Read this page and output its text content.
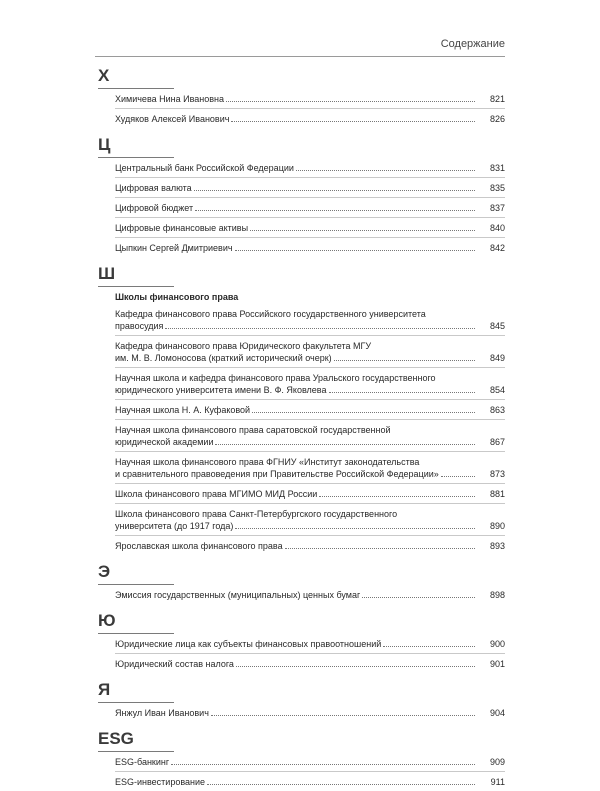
Содержание
Х
Химичева Нина Ивановна	821
Худяков Алексей Иванович	826
Ц
Центральный банк Российской Федерации	831
Цифровая валюта	835
Цифровой бюджет	837
Цифровые финансовые активы	840
Цыпкин Сергей Дмитриевич	842
Ш
Школы финансового права
Кафедра финансового права Российского государственного университета
правосудия	845
Кафедра финансового права Юридического факультета МГУ
им. М. В. Ломоносова (краткий исторический очерк)	849
Научная школа и кафедра финансового права Уральского государственного
юридического университета имени В. Ф. Яковлева	854
Научная школа Н. А. Куфаковой	863
Научная школа финансового права саратовской государственной
юридической академии	867
Научная школа финансового права ФГНИУ «Институт законодательства
и сравнительного правоведения при Правительстве Российской Федерации»	873
Школа финансового права МГИМО МИД России	881
Школа финансового права Санкт-Петербургского государственного
университета (до 1917 года)	890
Ярославская школа финансового права	893
Э
Эмиссия государственных (муниципальных) ценных бумаг	898
Ю
Юридические лица как субъекты финансовых правоотношений	900
Юридический состав налога	901
Я
Янжул Иван Иванович	904
ESG
ESG-банкинг	909
ESG-инвестирование	911
